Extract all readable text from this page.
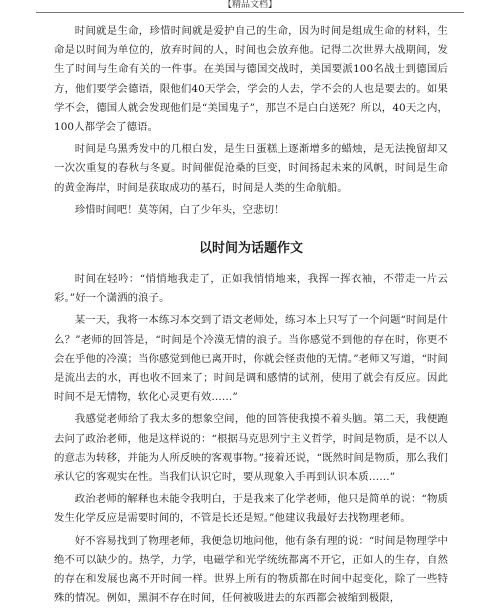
【精品文档】

时间就是生命，珍惜时间就是爱护自己的生命，因为时间是组成生命的材料，生命是以时间为单位的，放弃时间的人，时间也会放弃他。记得二次世界大战期间，发生了时间与生命有关的一件事。在美国与德国交战时，美国要派100名战士到德国后方，他们要学会德语，限他们40天学会，学会的人去，学不会的人也是要去的。如果学不会，德国人就会发现他们是“美国鬼子”，那岂不是白白送死？所以，40天之内，100人都学会了德语。

时间是乌黑秀发中的几根白发，是生日蛋糕上逐渐增多的蜡烛，是无法挽留却又一次次重复的春秋与冬夏。时间催促沧桑的巨变，时间扬起未来的风帆，时间是生命的黄金海岸，时间是获取成功的基石，时间是人类的生命航船。

珍惜时间吧！莫等闲，白了少年头，空悲切！

以时间为话题作文

时间在轻吟：“悄悄地我走了，正如我悄悄地来，我挥一挥衣袖，不带走一片云彩。”好一个潇洒的浪子。

某一天，我将一本练习本交到了语文老师处，练习本上只写了一个问题“时间是什么？”老师的回答是，“时间是个冷漠无情的浪子。当你感觉不到他的存在时，你更不会在乎他的冷漠；当你感觉到他已离开时，你就会怪责他的无情。”老师又写道，“时间是流出去的水，再也收不回来了；时间是调和感情的试剂，使用了就会有反应。因此时间不是无情物，软化心灵更有效……”

我感觉老师给了我太多的想象空间，他的回答使我摸不着头脑。第二天，我便跑去问了政治老师，他是这样说的：“根据马克思列宁主义哲学，时间是物质，是不以人的意志为转移，并能为人所反映的客观事物。”接着还说，“既然时间是物质，那么我们承认它的客观实在性。当我们认识它时，要从现象入手再到认识本质……”

政治老师的解释也未能令我明白，于是我来了化学老师，他只是简单的说：“物质发生化学反应是需要时间的，不管是长还是短。”他建议我最好去找物理老师。

好不容易找到了物理老师，我便急切地问他，他有条有理的说：“时间是物理学中绝不可以缺少的。热学，力学，电磁学和光学统统都离不开它，正如人的生存，自然的存在和发展也离不开时间一样。世界上所有的物质都在时间中起变化，除了一些特殊的情况。例如，黑洞不存在时间，任何被吸进去的东西都会被缩到极限，
